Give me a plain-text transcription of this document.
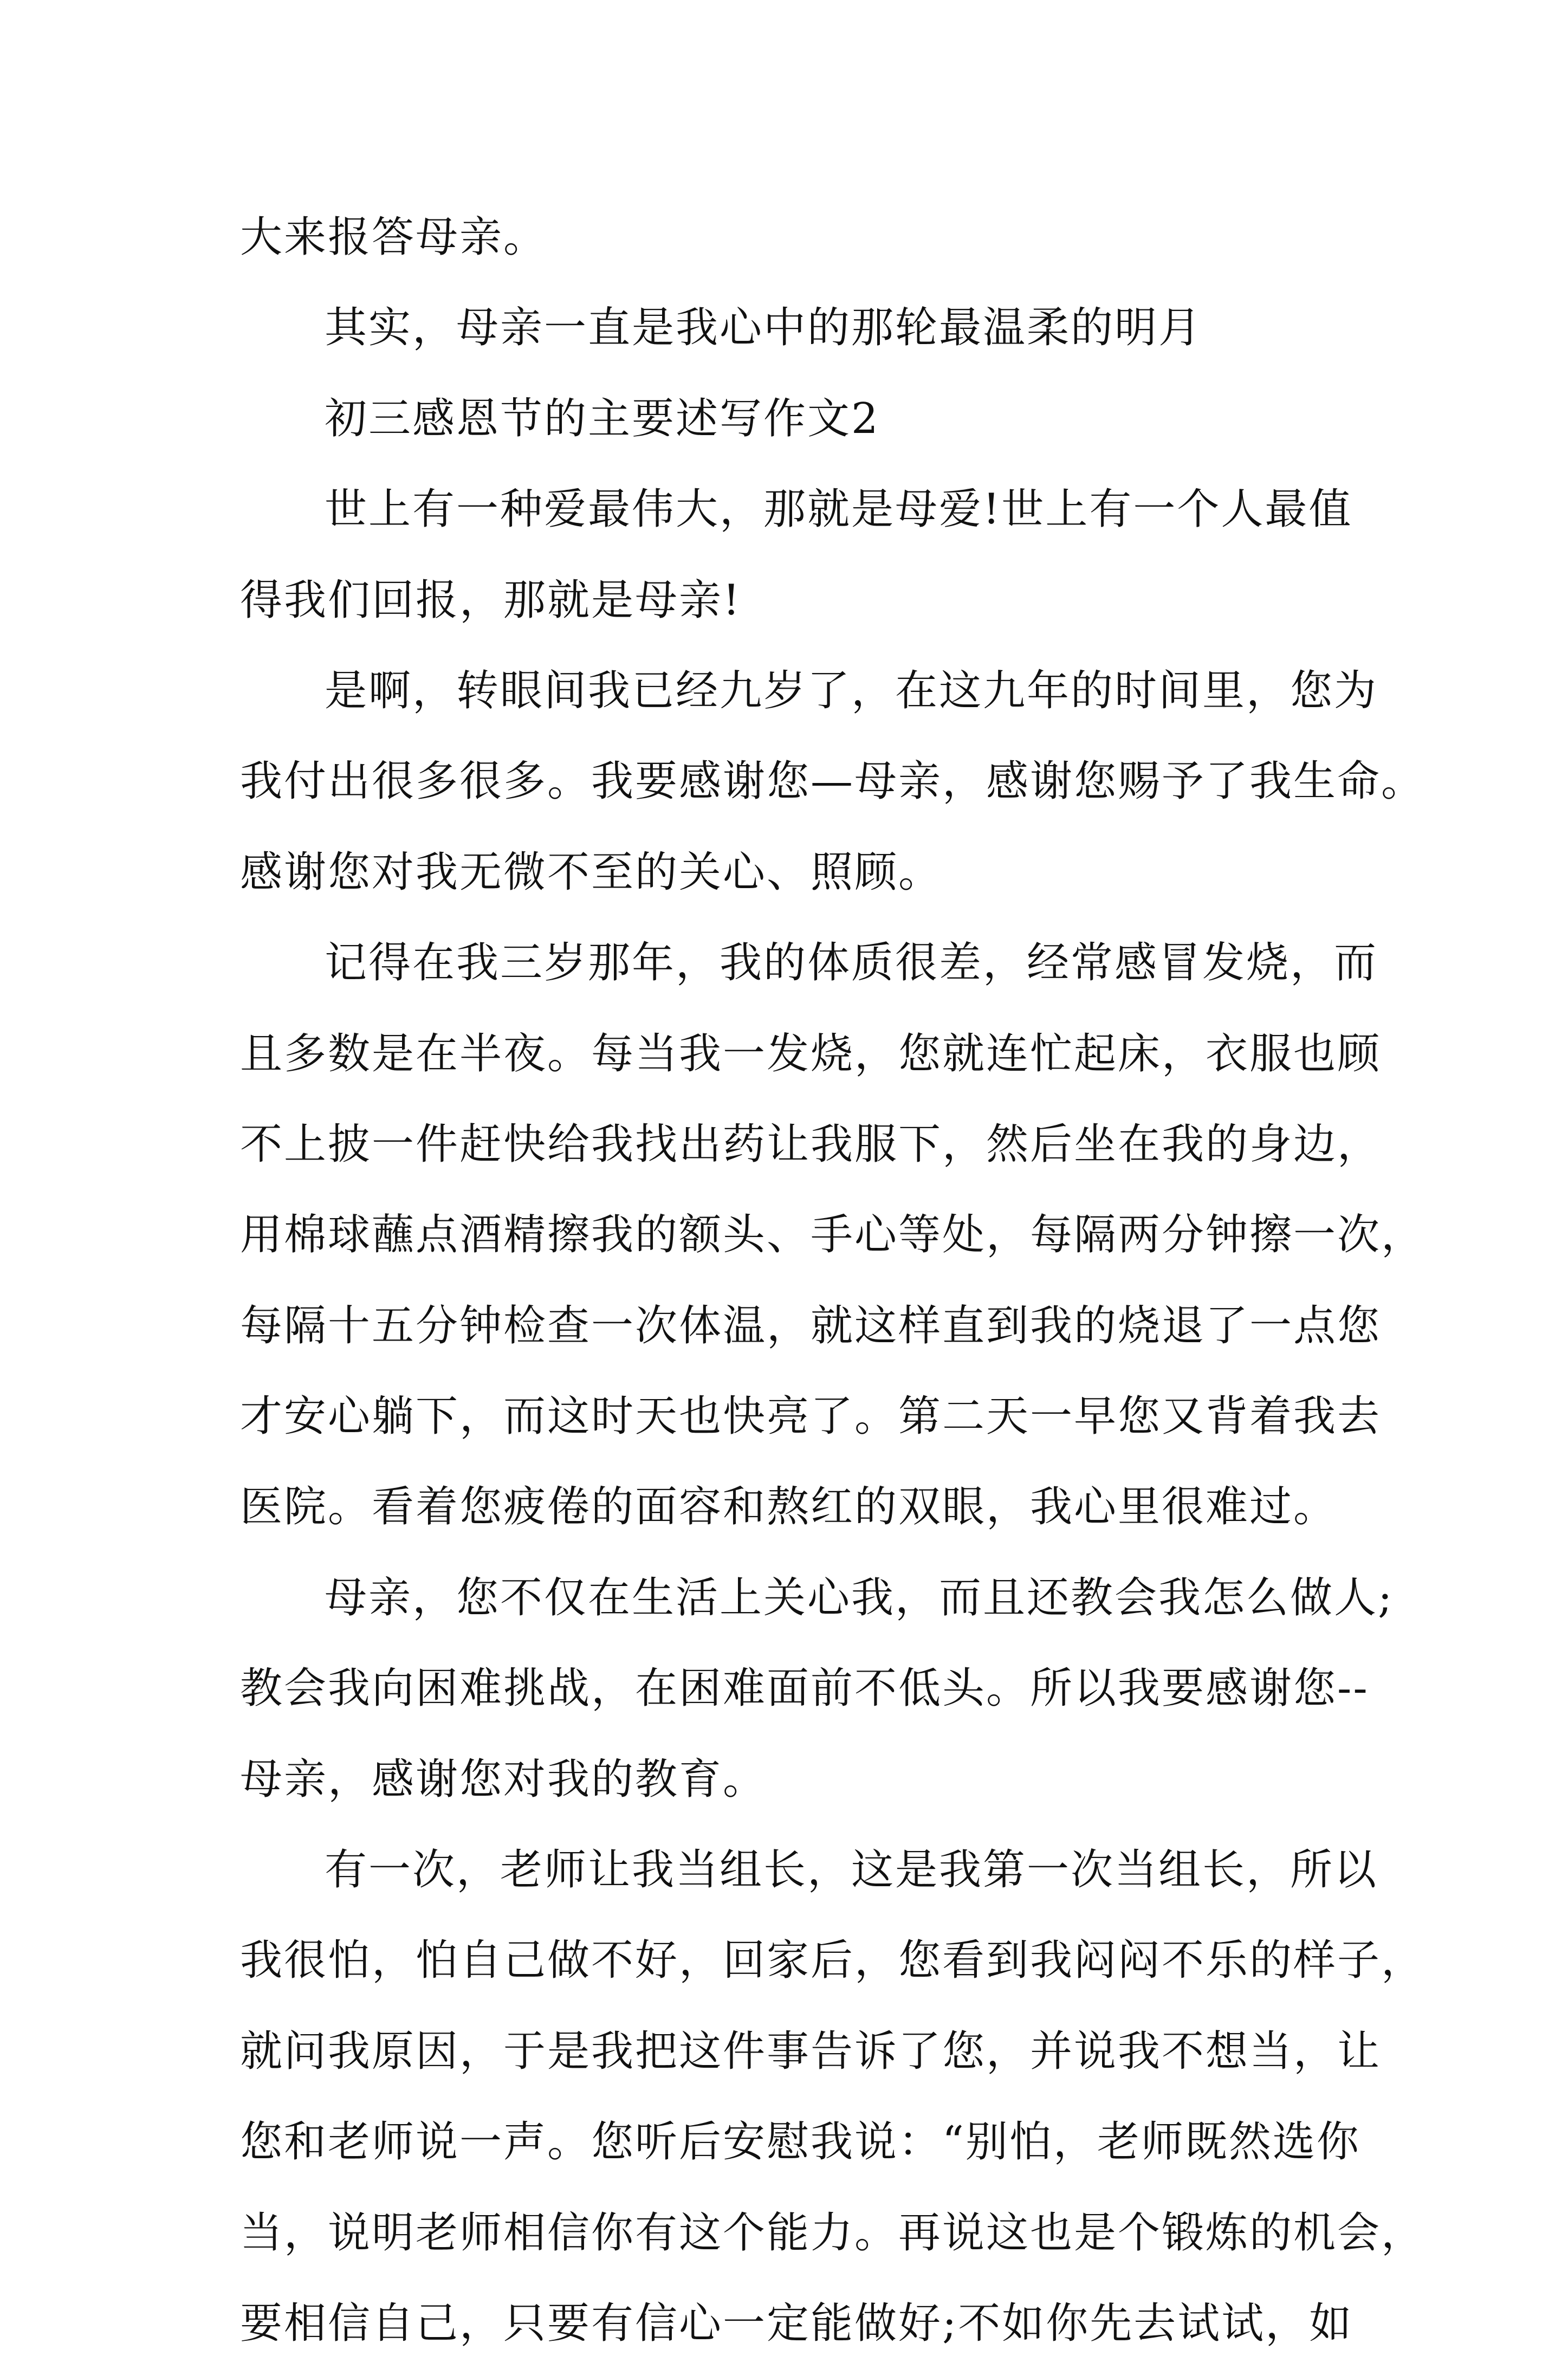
大来报答母亲。
其实，母亲一直是我心中的那轮最温柔的明月
初三感恩节的主要述写作文2
世上有一种爱最伟大，那就是母爱!世上有一个人最值
得我们回报，那就是母亲!
是啊，转眼间我已经九岁了，在这九年的时间里，您为
我付出很多很多。我要感谢您—母亲，感谢您赐予了我生命。
感谢您对我无微不至的关心、照顾。
记得在我三岁那年，我的体质很差，经常感冒发烧，而
且多数是在半夜。每当我一发烧，您就连忙起床，衣服也顾
不上披一件赶快给我找出药让我服下，然后坐在我的身边，
用棉球蘸点酒精擦我的额头、手心等处，每隔两分钟擦一次，
每隔十五分钟检查一次体温，就这样直到我的烧退了一点您
才安心躺下，而这时天也快亮了。第二天一早您又背着我去
医院。看着您疲倦的面容和熬红的双眼，我心里很难过。
母亲，您不仅在生活上关心我，而且还教会我怎么做人;
教会我向困难挑战，在困难面前不低头。所以我要感谢您--
母亲，感谢您对我的教育。
有一次，老师让我当组长，这是我第一次当组长，所以
我很怕，怕自己做不好，回家后，您看到我闷闷不乐的样子，
就问我原因，于是我把这件事告诉了您，并说我不想当，让
您和老师说一声。您听后安慰我说：“别怕，老师既然选你
当，说明老师相信你有这个能力。再说这也是个锻炼的机会，
要相信自己，只要有信心一定能做好;不如你先去试试，如
